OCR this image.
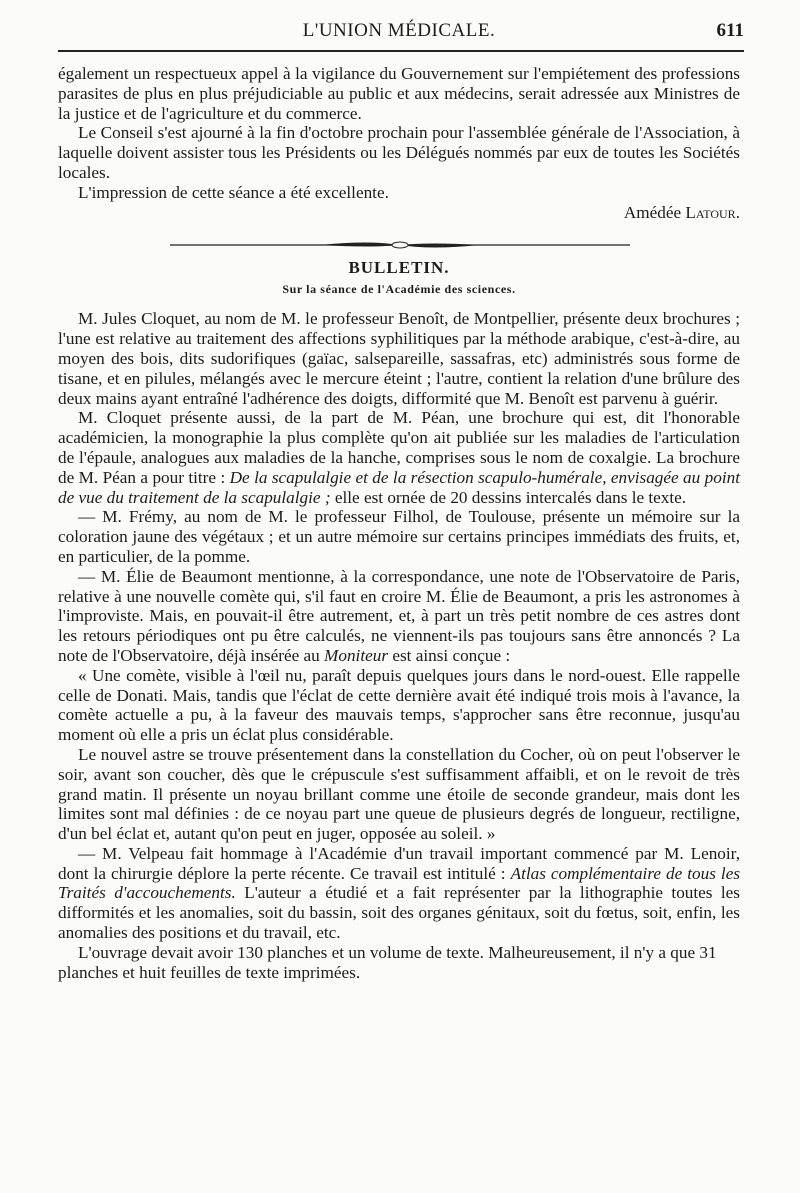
L'UNION MÉDICALE.	611

également un respectueux appel à la vigilance du Gouvernement sur l'empiétement des professions parasites de plus en plus préjudiciable au public et aux médecins, serait adressée aux Ministres de la justice et de l'agriculture et du commerce.

Le Conseil s'est ajourné à la fin d'octobre prochain pour l'assemblée générale de l'Association, à laquelle doivent assister tous les Présidents ou les Délégués nommés par eux de toutes les Sociétés locales.

L'impression de cette séance a été excellente.

Amédée Latour.

BULLETIN.
Sur la séance de l'Académie des sciences.

M. Jules Cloquet, au nom de M. le professeur Benoît, de Montpellier, présente deux brochures ; l'une est relative au traitement des affections syphilitiques par la méthode arabique, c'est-à-dire, au moyen des bois, dits sudorifiques (gaïac, salsepareille, sassafras, etc) administrés sous forme de tisane, et en pilules, mélangés avec le mercure éteint ; l'autre, contient la relation d'une brûlure des deux mains ayant entraîné l'adhérence des doigts, difformité que M. Benoît est parvenu à guérir.

M. Cloquet présente aussi, de la part de M. Péan, une brochure qui est, dit l'honorable académicien, la monographie la plus complète qu'on ait publiée sur les maladies de l'articulation de l'épaule, analogues aux maladies de la hanche, comprises sous le nom de coxalgie. La brochure de M. Péan a pour titre : De la scapulalgie et de la résection scapulo-humérale, envisagée au point de vue du traitement de la scapulalgie ; elle est ornée de 20 dessins intercalés dans le texte.

— M. Frémy, au nom de M. le professeur Filhol, de Toulouse, présente un mémoire sur la coloration jaune des végétaux ; et un autre mémoire sur certains principes immédiats des fruits, et, en particulier, de la pomme.

— M. Élie de Beaumont mentionne, à la correspondance, une note de l'Observatoire de Paris, relative à une nouvelle comète qui, s'il faut en croire M. Élie de Beaumont, a pris les astronomes à l'improviste. Mais, en pouvait-il être autrement, et, à part un très petit nombre de ces astres dont les retours périodiques ont pu être calculés, ne viennent-ils pas toujours sans être annoncés ? La note de l'Observatoire, déjà insérée au Moniteur est ainsi conçue :

« Une comète, visible à l'œil nu, paraît depuis quelques jours dans le nord-ouest. Elle rappelle celle de Donati. Mais, tandis que l'éclat de cette dernière avait été indiqué trois mois à l'avance, la comète actuelle a pu, à la faveur des mauvais temps, s'approcher sans être reconnue, jusqu'au moment où elle a pris un éclat plus considérable.

Le nouvel astre se trouve présentement dans la constellation du Cocher, où on peut l'observer le soir, avant son coucher, dès que le crépuscule s'est suffisamment affaibli, et on le revoit de très grand matin. Il présente un noyau brillant comme une étoile de seconde grandeur, mais dont les limites sont mal définies : de ce noyau part une queue de plusieurs degrés de longueur, rectiligne, d'un bel éclat et, autant qu'on peut en juger, opposée au soleil. »

— M. Velpeau fait hommage à l'Académie d'un travail important commencé par M. Lenoir, dont la chirurgie déplore la perte récente. Ce travail est intitulé : Atlas complémentaire de tous les Traités d'accouchements. L'auteur a étudié et a fait représenter par la lithographie toutes les difformités et les anomalies, soit du bassin, soit des organes génitaux, soit du fœtus, soit, enfin, les anomalies des positions et du travail, etc.

L'ouvrage devait avoir 130 planches et un volume de texte. Malheureusement, il n'y a que 31 planches et huit feuilles de texte imprimées.
